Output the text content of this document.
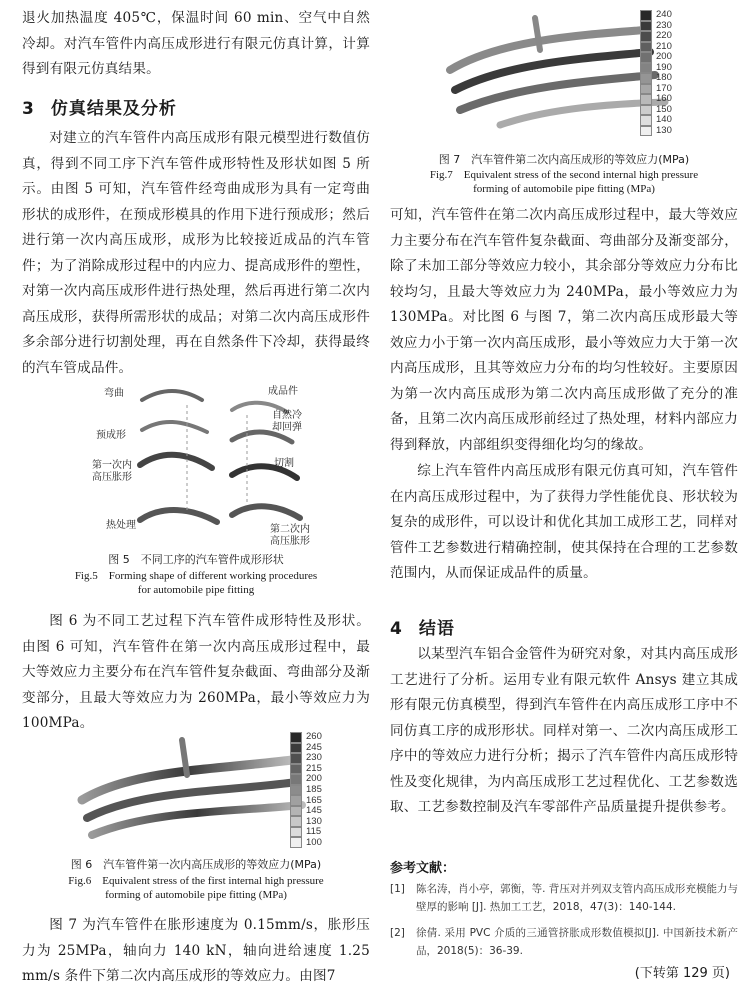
退火加热温度 405℃，保温时间 60 min、空气中自然冷却。对汽车管件内高压成形进行有限元仿真计算，计算得到有限元仿真结果。

3 仿真结果及分析

对建立的汽车管件内高压成形有限元模型进行数值仿真，得到不同工序下汽车管件成形特性及形状如图 5 所示。由图 5 可知，汽车管件经弯曲成形为具有一定弯曲形状的成形件，在预成形模具的作用下进行预成形；然后进行第一次内高压成形，成形为比较接近成品的汽车管件；为了消除成形过程中的内应力、提高成形件的塑性，对第一次内高压成形件进行热处理，然后再进行第二次内高压成形，获得所需形状的成品；对第二次内高压成形件多余部分进行切割处理，再在自然条件下冷却，获得最终的汽车管成品件。

弯曲
预成形
第一次内高压胀形
热处理
成品件
自然冷却回弹
切割
第二次内高压胀形

图 5　不同工序的汽车管件成形形状

Fig.5　Forming shape of different working procedures

for automobile pipe fitting

图 6 为不同工艺过程下汽车管件成形特性及形状。由图 6 可知，汽车管件在第一次内高压成形过程中，最大等效应力主要分布在汽车管件复杂截面、弯曲部分及渐变部分，且最大等效应力为 260MPa，最小等效应力为 100MPa。

260
245
230
215
200
185
165
145
130
115
100

图 6　汽车管件第一次内高压成形的等效应力(MPa)

Fig.6　Equivalent stress of the first internal high pressure

forming of automobile pipe fitting (MPa)

图 7 为汽车管件在胀形速度为 0.15mm/s，胀形压力为 25MPa，轴向力 140 kN，轴向进给速度 1.25 mm/s 条件下第二次内高压成形的等效应力。由图7

240
230
220
210
200
190
180
170
160
150
140
130

图 7　汽车管件第二次内高压成形的等效应力(MPa)

Fig.7　Equivalent stress of the second internal high pressure

forming of automobile pipe fitting (MPa)

可知，汽车管件在第二次内高压成形过程中，最大等效应力主要分布在汽车管件复杂截面、弯曲部分及渐变部分，除了未加工部分等效应力较小，其余部分等效应力分布比较均匀，且最大等效应力为 240MPa，最小等效应力为 130MPa。对比图 6 与图 7，第二次内高压成形最大等效应力小于第一次内高压成形，最小等效应力大于第一次内高压成形，且其等效应力分布的均匀性较好。主要原因为第一次内高压成形为第二次内高压成形做了充分的准备，且第二次内高压成形前经过了热处理，材料内部应力得到释放，内部组织变得细化均匀的缘故。

综上汽车管件内高压成形有限元仿真可知，汽车管件在内高压成形过程中，为了获得力学性能优良、形状较为复杂的成形件，可以设计和优化其加工成形工艺，同样对管件工艺参数进行精确控制，使其保持在合理的工艺参数范围内，从而保证成品件的质量。

4 结语

以某型汽车铝合金管件为研究对象，对其内高压成形工艺进行了分析。运用专业有限元软件 Ansys 建立其成形有限元仿真模型，得到汽车管件在内高压成形工序中不同仿真工序的成形形状。同样对第一、二次内高压成形工序中的等效应力进行分析；揭示了汽车管件内高压成形特性及变化规律，为内高压成形工艺过程优化、工艺参数选取、工艺参数控制及汽车零部件产品质量提升提供参考。

参考文献：

[1]	陈名涛，肖小亭，郭衡，等. 背压对并列双支管内高压成形充模能力与壁厚的影响 [J]. 热加工工艺，2018，47(3)：140-144.
[2]	徐倩. 采用 PVC 介质的三通管挤胀成形数值模拟[J]. 中国新技术新产品，2018(5)：36-39.
(下转第 129 页)
